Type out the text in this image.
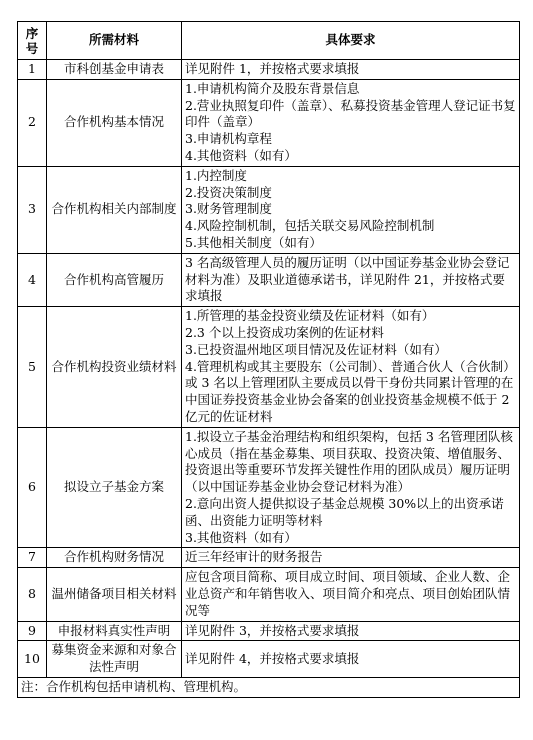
序号	所需材料	具体要求
1	市科创基金申请表	详见附件 1，并按格式要求填报

2	合作机构基本情况	1.申请机构简介及股东背景信息
2.营业执照复印件（盖章）、私募投资基金管理人登记证书复印件（盖章）
3.申请机构章程
4.其他资料（如有）

3	合作机构相关内部制度	1.内控制度
2.投资决策制度
3.财务管理制度
4.风险控制机制，包括关联交易风险控制机制
5.其他相关制度（如有）

4	合作机构高管履历	3 名高级管理人员的履历证明（以中国证券基金业协会登记材料为准）及职业道德承诺书，详见附件 21，并按格式要求填报

5	合作机构投资业绩材料	1.所管理的基金投资业绩及佐证材料（如有）
2.3 个以上投资成功案例的佐证材料
3.已投资温州地区项目情况及佐证材料（如有）
4.管理机构或其主要股东（公司制）、普通合伙人（合伙制）或 3 名以上管理团队主要成员以骨干身份共同累计管理的在中国证券投资基金业协会备案的创业投资基金规模不低于 2 亿元的佐证材料

6	拟设立子基金方案	1.拟设立子基金治理结构和组织架构，包括 3 名管理团队核心成员（指在基金募集、项目获取、投资决策、增值服务、投资退出等重要环节发挥关键性作用的团队成员）履历证明（以中国证券基金业协会登记材料为准）
2.意向出资人提供拟设子基金总规模 30%以上的出资承诺函、出资能力证明等材料
3.其他资料（如有）

7	合作机构财务情况	近三年经审计的财务报告

8	温州储备项目相关材料	应包含项目简称、项目成立时间、项目领域、企业人数、企业总资产和年销售收入、项目简介和亮点、项目创始团队情况等

9	申报材料真实性声明	详见附件 3，并按格式要求填报

10	募集资金来源和对象合法性声明	详见附件 4，并按格式要求填报

注：合作机构包括申请机构、管理机构。		
